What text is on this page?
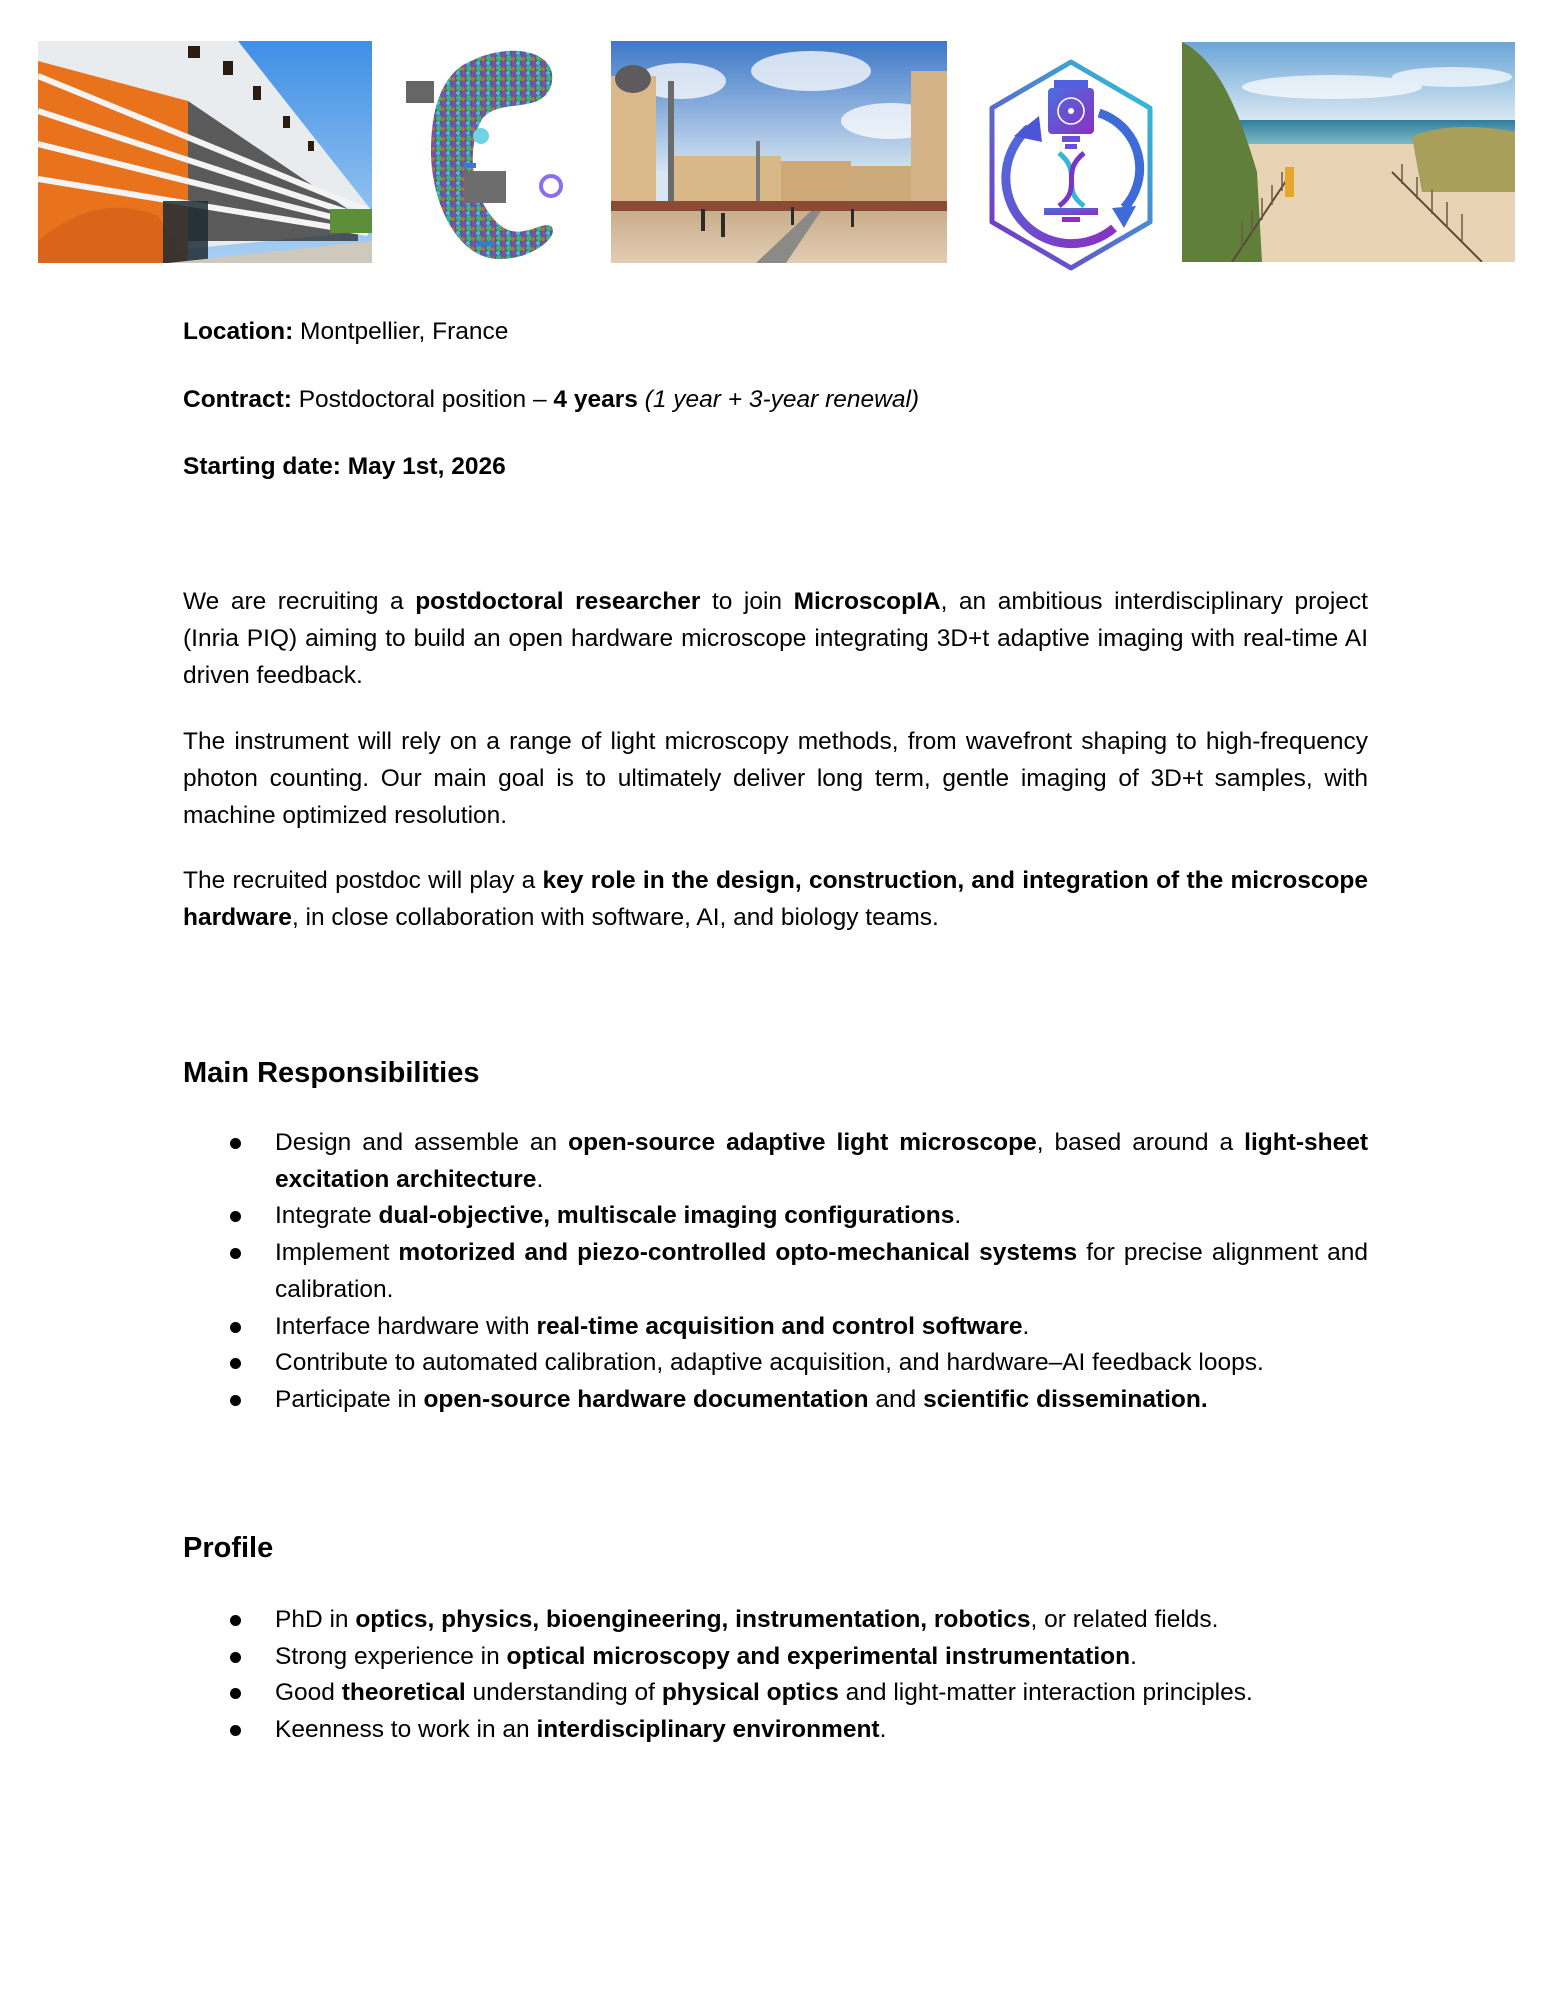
Location: Montpellier, France
Contract: Postdoctoral position – 4 years (1 year + 3-year renewal)
Starting date: May 1st, 2026

We are recruiting a postdoctoral researcher to join MicroscopIA, an ambitious interdisciplinary project (Inria PIQ) aiming to build an open hardware microscope integrating 3D+t adaptive imaging with real-time AI driven feedback.

The instrument will rely on a range of light microscopy methods, from wavefront shaping to high-frequency photon counting. Our main goal is to ultimately deliver long term, gentle imaging of 3D+t samples, with machine optimized resolution.

The recruited postdoc will play a key role in the design, construction, and integration of the microscope hardware, in close collaboration with software, AI, and biology teams.

Main Responsibilities
Design and assemble an open-source adaptive light microscope, based around a light-sheet excitation architecture.
Integrate dual-objective, multiscale imaging configurations.
Implement motorized and piezo-controlled opto-mechanical systems for precise alignment and calibration.
Interface hardware with real-time acquisition and control software.
Contribute to automated calibration, adaptive acquisition, and hardware–AI feedback loops.
Participate in open-source hardware documentation and scientific dissemination.
Profile
PhD in optics, physics, bioengineering, instrumentation, robotics, or related fields.
Strong experience in optical microscopy and experimental instrumentation.
Good theoretical understanding of physical optics and light-matter interaction principles.
Keenness to work in an interdisciplinary environment.
